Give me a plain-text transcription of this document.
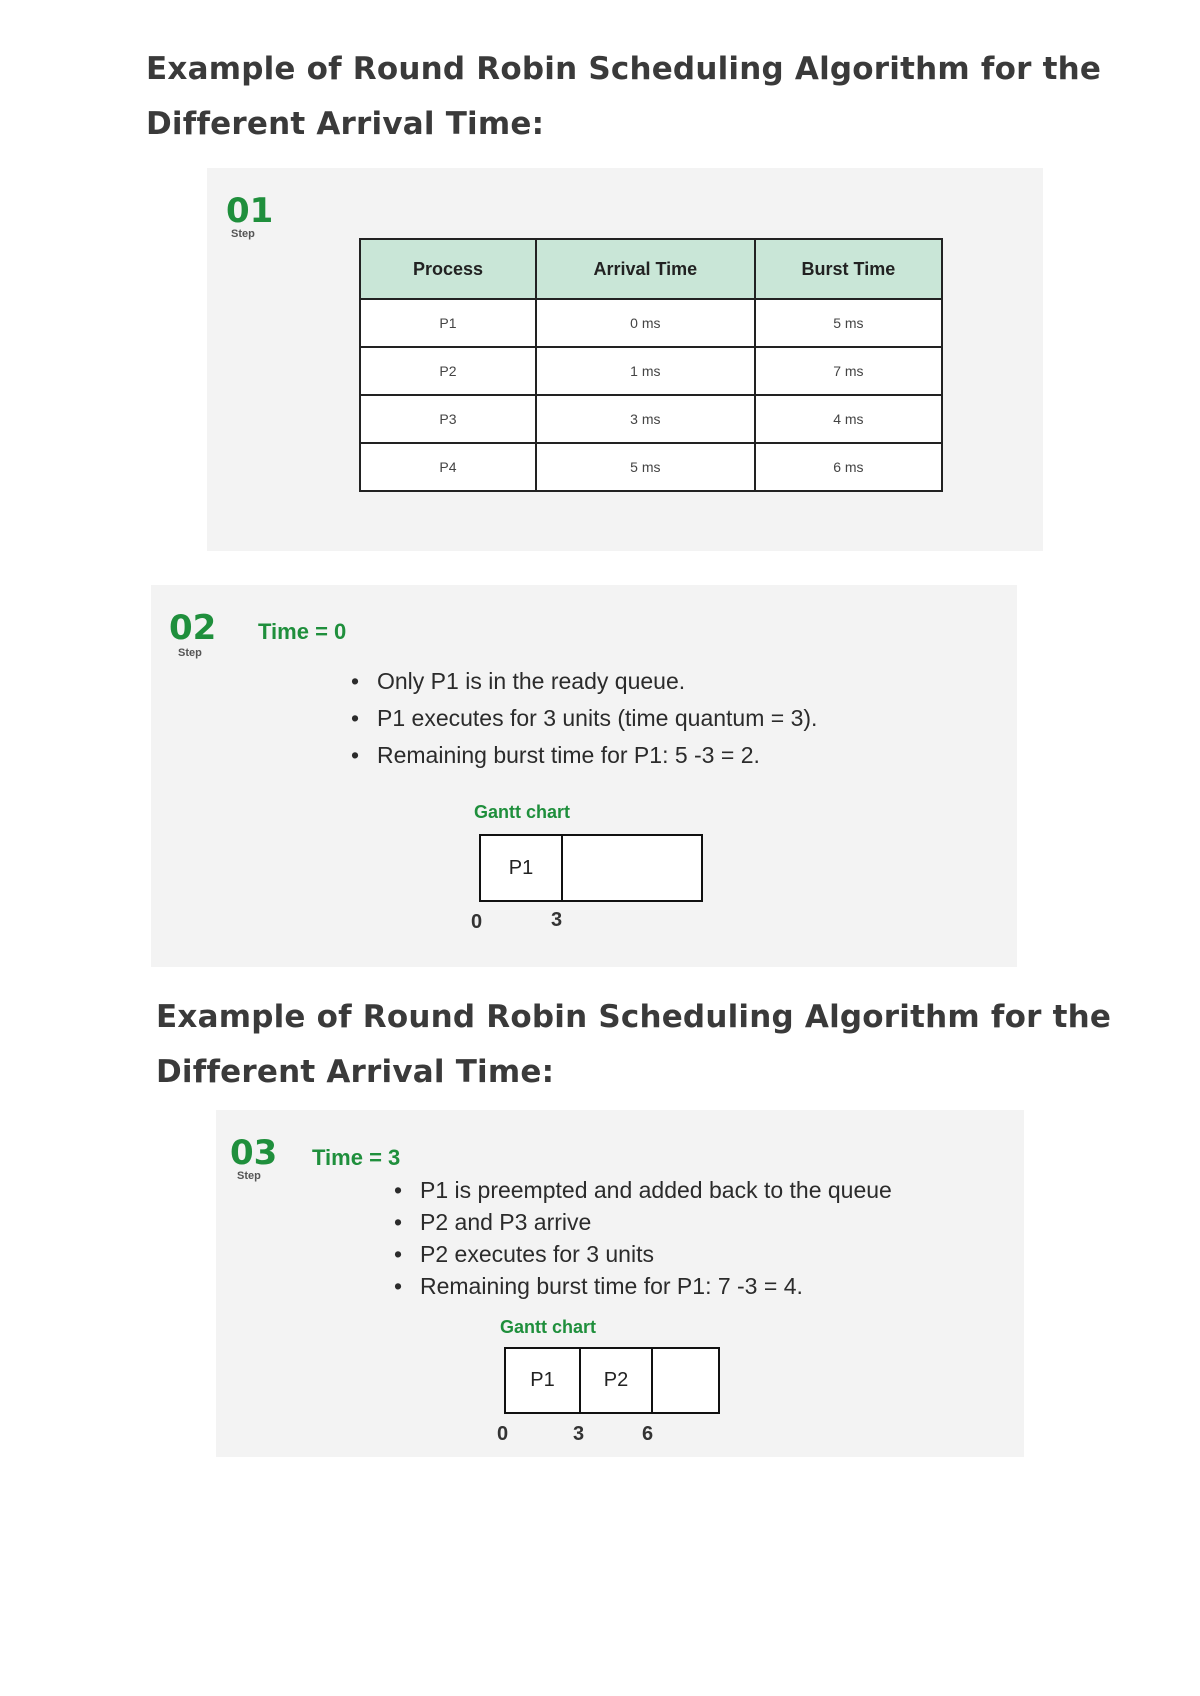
Example of Round Robin Scheduling Algorithm for the
Different Arrival Time:
01
Step
Process	Arrival Time	Burst Time
P1	0 ms	5 ms
P2	1 ms	7 ms
P3	3 ms	4 ms
P4	5 ms	6 ms
02
Step
Time = 0
• Only P1 is in the ready queue.
• P1 executes for 3 units (time quantum = 3).
• Remaining burst time for P1: 5 -3 = 2.
Gantt chart
P1
0	3
Example of Round Robin Scheduling Algorithm for the
Different Arrival Time:
03
Step
Time = 3
• P1 is preempted and added back to the queue
• P2 and P3 arrive
• P2 executes for 3 units
• Remaining burst time for P1: 7 -3 = 4.
Gantt chart
P1	P2
0	3	6
